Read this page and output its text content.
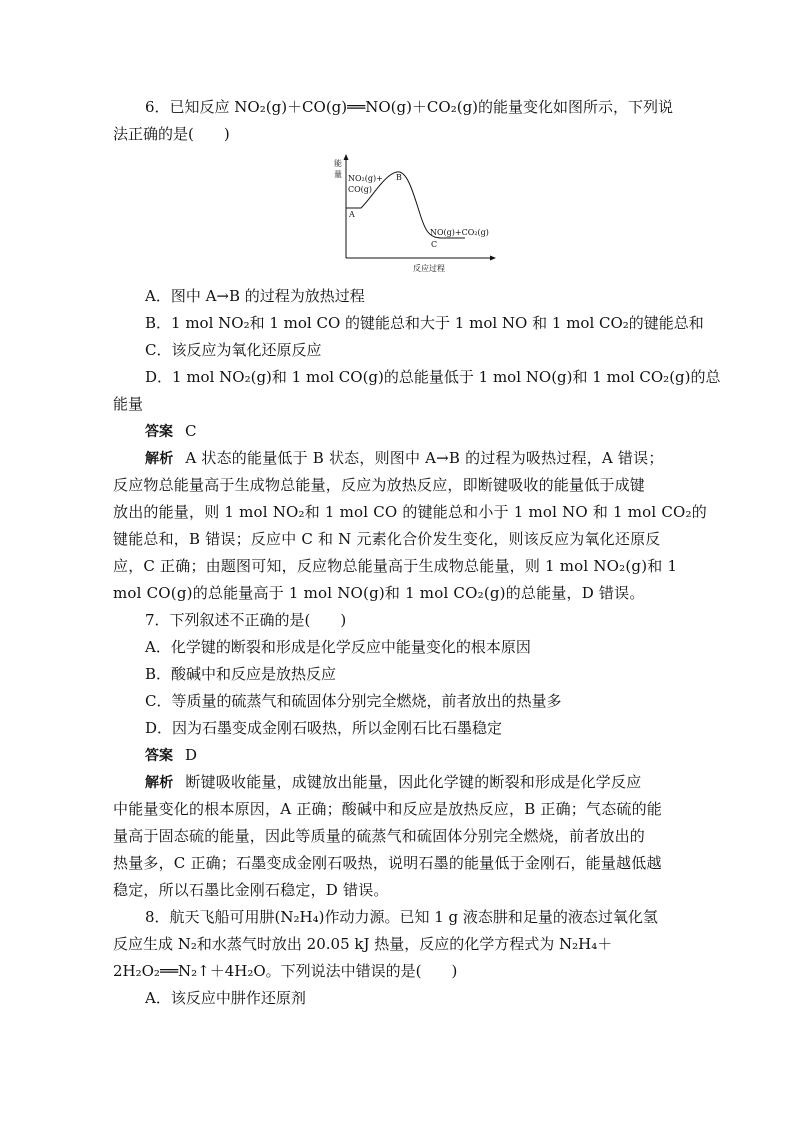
6．已知反应 NO₂(g)＋CO(g)══NO(g)＋CO₂(g)的能量变化如图所示，下列说
法正确的是(　　)
能
量 NO₂(g)+
CO(g)
A
B
NO(g)+CO₂(g)
C
反应过程
A．图中 A→B 的过程为放热过程
B．1 mol NO₂和 1 mol CO 的键能总和大于 1 mol NO 和 1 mol CO₂的键能总和
C．该反应为氧化还原反应
D．1 mol NO₂(g)和 1 mol CO(g)的总能量低于 1 mol NO(g)和 1 mol CO₂(g)的总
能量
答案 C
解析 A 状态的能量低于 B 状态，则图中 A→B 的过程为吸热过程，A 错误；
反应物总能量高于生成物总能量，反应为放热反应，即断键吸收的能量低于成键
放出的能量，则 1 mol NO₂和 1 mol CO 的键能总和小于 1 mol NO 和 1 mol CO₂的
键能总和，B 错误；反应中 C 和 N 元素化合价发生变化，则该反应为氧化还原反
应，C 正确；由题图可知，反应物总能量高于生成物总能量，则 1 mol NO₂(g)和 1
mol CO(g)的总能量高于 1 mol NO(g)和 1 mol CO₂(g)的总能量，D 错误。
7．下列叙述不正确的是(　　)
A．化学键的断裂和形成是化学反应中能量变化的根本原因
B．酸碱中和反应是放热反应
C．等质量的硫蒸气和硫固体分别完全燃烧，前者放出的热量多
D．因为石墨变成金刚石吸热，所以金刚石比石墨稳定
答案 D
解析 断键吸收能量，成键放出能量，因此化学键的断裂和形成是化学反应
中能量变化的根本原因，A 正确；酸碱中和反应是放热反应，B 正确；气态硫的能
量高于固态硫的能量，因此等质量的硫蒸气和硫固体分别完全燃烧，前者放出的
热量多，C 正确；石墨变成金刚石吸热，说明石墨的能量低于金刚石，能量越低越
稳定，所以石墨比金刚石稳定，D 错误。
8．航天飞船可用肼(N₂H₄)作动力源。已知 1 g 液态肼和足量的液态过氧化氢
反应生成 N₂和水蒸气时放出 20.05 kJ 热量，反应的化学方程式为 N₂H₄＋
2H₂O₂══N₂↑＋4H₂O。下列说法中错误的是(　　)
A．该反应中肼作还原剂
